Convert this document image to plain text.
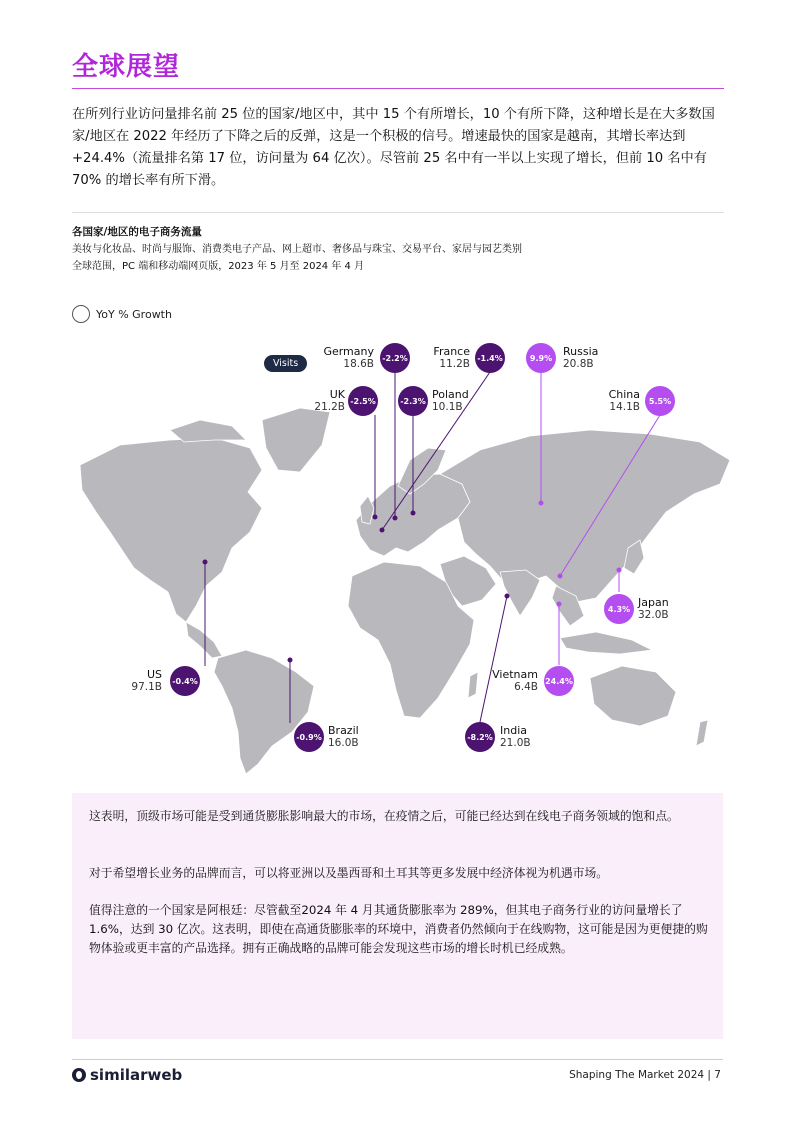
全球展望
在所列行业访问量排名前 25 位的国家/地区中，其中 15 个有所增长，10 个有所下降，这种增长是在大多数国家/地区在 2022 年经历了下降之后的反弹，这是一个积极的信号。增速最快的国家是越南，其增长率达到 +24.4%（流量排名第 17 位，访问量为 64 亿次）。尽管前 25 名中有一半以上实现了增长，但前 10 名中有 70% 的增长率有所下滑。
各国家/地区的电子商务流量
美妆与化妆品、时尚与服饰、消费类电子产品、网上超市、奢侈品与珠宝、交易平台、家居与园艺类别
全球范围，PC 端和移动端网页版，2023 年 5 月至 2024 年 4 月
YoY % Growth
Visits
Germany
18.6B -2.2%	France
11.2B -1.4%	9.9% Russia
20.8B
UK
21.2B -2.5%	-2.3% Poland
10.1B
China
14.1B	5.5%
4.3% Japan
32.0B
US
97.1B -0.4%	Vietnam
6.4B 24.4%
-0.9% Brazil
16.0B	-8.2% India
21.0B
这表明，顶级市场可能是受到通货膨胀影响最大的市场，在疫情之后，可能已经达到在线电子商务领域的饱和点。
对于希望增长业务的品牌而言，可以将亚洲以及墨西哥和土耳其等更多发展中经济体视为机遇市场。
值得注意的一个国家是阿根廷：尽管截至2024 年 4 月其通货膨胀率为 289%，但其电子商务行业的访问量增长了 1.6%，达到 30 亿次。这表明，即使在高通货膨胀率的环境中，消费者仍然倾向于在线购物，这可能是因为更便捷的购物体验或更丰富的产品选择。拥有正确战略的品牌可能会发现这些市场的增长时机已经成熟。
similarweb	Shaping The Market 2024 | 7
